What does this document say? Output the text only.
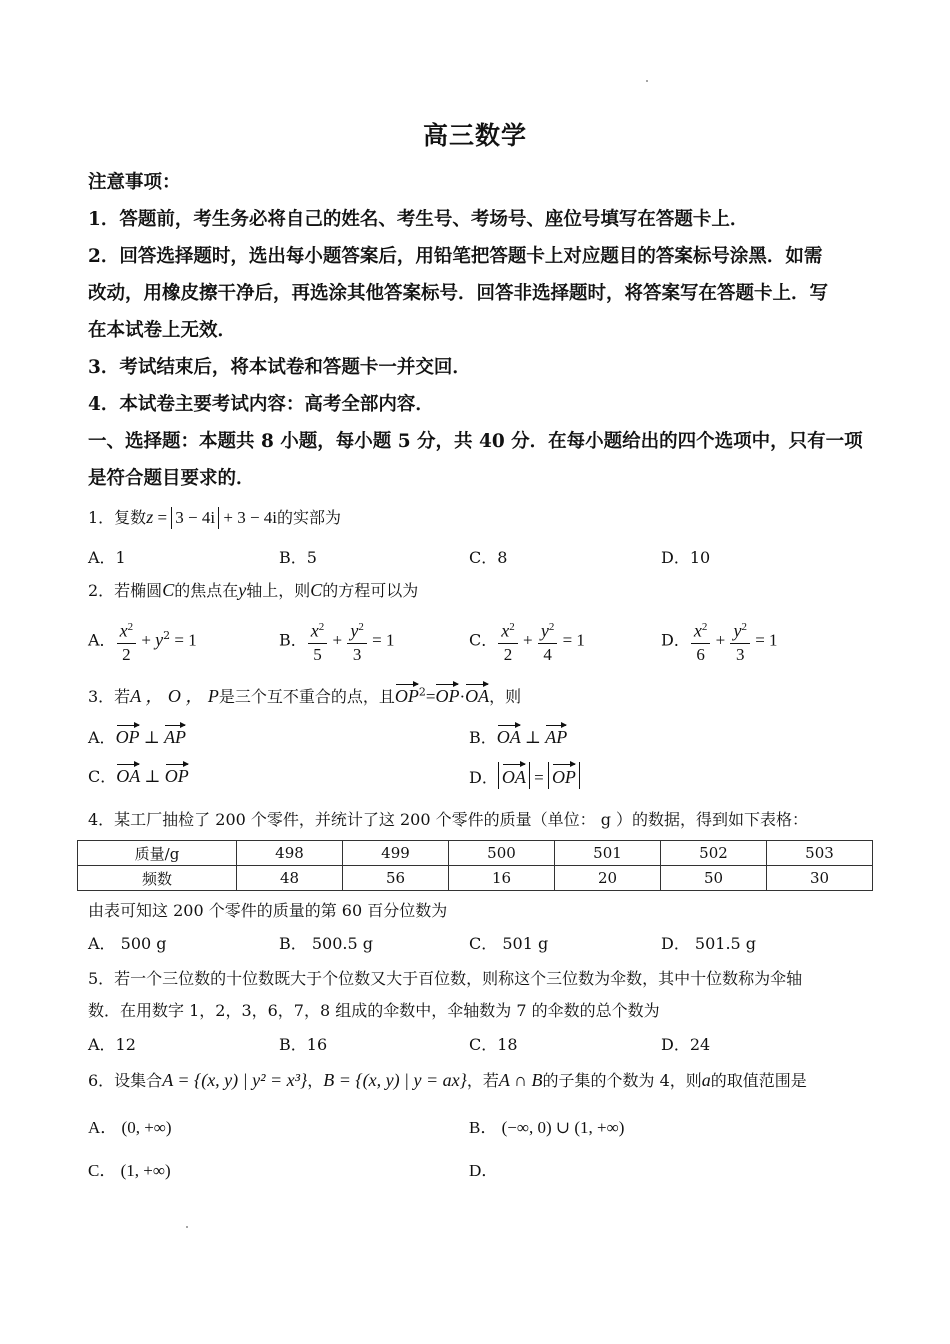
高三数学
注意事项：
1．答题前，考生务必将自己的姓名、考生号、考场号、座位号填写在答题卡上．
2．回答选择题时，选出每小题答案后，用铅笔把答题卡上对应题目的答案标号涂黑．如需
改动，用橡皮擦干净后，再选涂其他答案标号．回答非选择题时，将答案写在答题卡上．写
在本试卷上无效．
3．考试结束后，将本试卷和答题卡一并交回．
4．本试卷主要考试内容：高考全部内容．
一、选择题：本题共 8 小题，每小题 5 分，共 40 分．在每小题给出的四个选项中，只有一项
是符合题目要求的．
1．复数z = 3 − 4i + 3 − 4i的实部为
A．1	B．5	C．8	D．10
2．若椭圆C的焦点在y轴上，则C的方程可以为
A． $\frac{x^2}{2} + y^2 = 1$	B． $\frac{x^2}{5} + \frac{y^2}{3} = 1$	C． $\frac{x^2}{2} + \frac{y^2}{4} = 1$	D． $\frac{x^2}{6} + \frac{y^2}{3} = 1$
3．若A ， O ， P是三个互不重合的点，且$OP^2=OP\cdot OA$，则
A．OP ⊥ AP	B．OA ⊥ AP
C．OA ⊥ OP	D． OA = OP
4．某工厂抽检了 200 个零件，并统计了这 200 个零件的质量（单位： g ）的数据，得到如下表格：
质量/g	498	499	500	501	502	503
频数	48	56	16	20	50	30
由表可知这 200 个零件的质量的第 60 百分位数为
A． 500 g	B． 500.5 g	C． 501 g	D． 501.5 g
5．若一个三位数的十位数既大于个位数又大于百位数，则称这个三位数为伞数，其中十位数称为伞轴
数．在用数字 1，2，3，6，7，8 组成的伞数中，伞轴数为 7 的伞数的总个数为
A．12	B．16	C．18	D．24
6．设集合A = {(x, y) | y² = x³}，B = {(x, y) | y = ax}，若A ∩ B的子集的个数为 4，则a的取值范围是
A． (0, +∞)	B． (−∞, 0) ∪ (1, +∞)
C． (1, +∞)	D．
